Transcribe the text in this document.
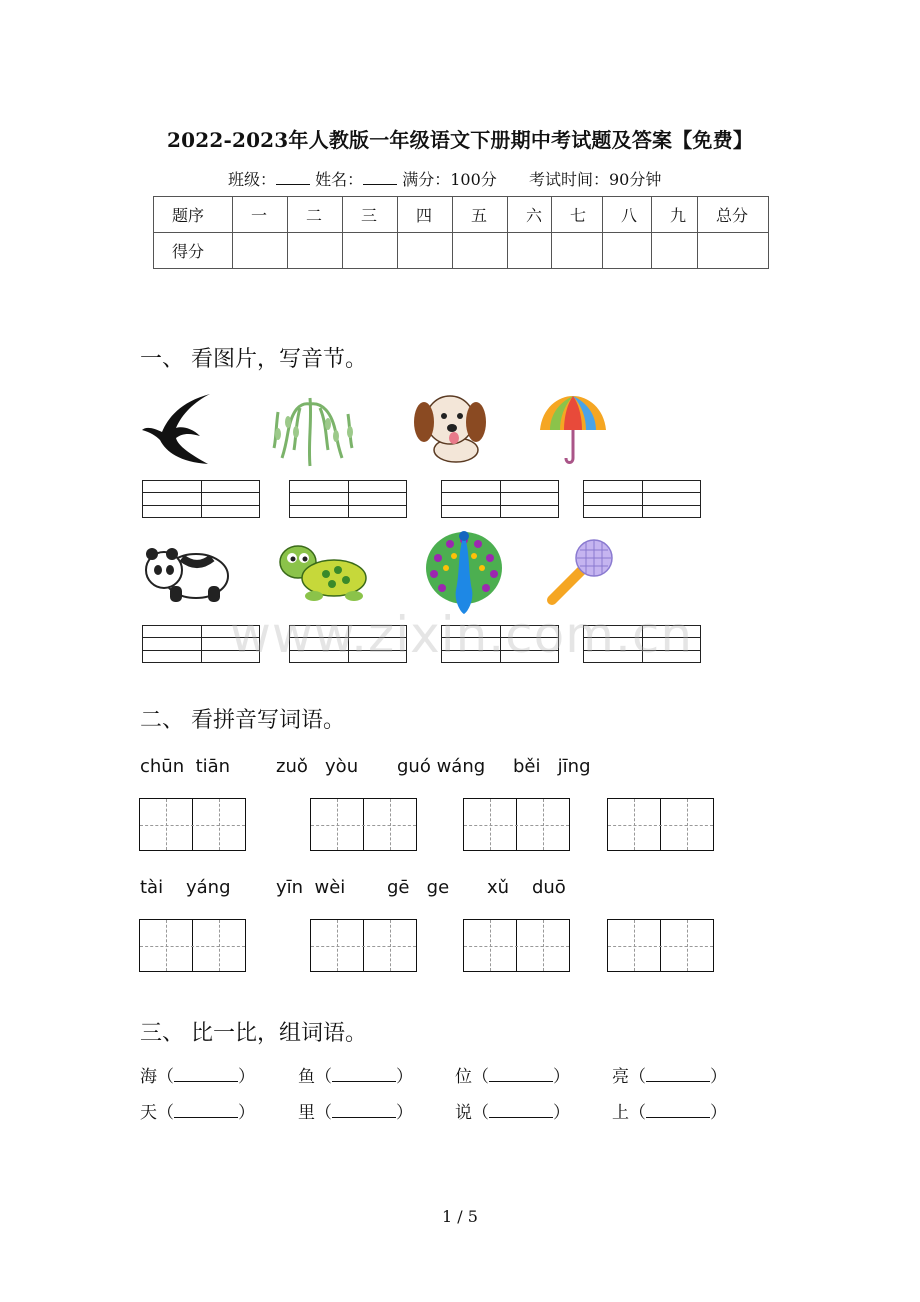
2022-2023年人教版一年级语文下册期中考试题及答案【免费】
班级： 姓名： 满分：100分 考试时间：90分钟
题序	一	二	三	四	五	六	七	八	九	总分
得分										
一、 看图片，写音节。
www.zixin.com.cn
二、 看拼音写词语。
chūn  tiān	zuǒ   yòu guó wáng běi   jīng
tài    yáng	yīn  wèi gē   ge xǔ    duō
三、 比一比，组词语。
海（	）	鱼（	） 位（	） 亮（	）
天（	）	里（	） 说（	） 上（	）
1 / 5
